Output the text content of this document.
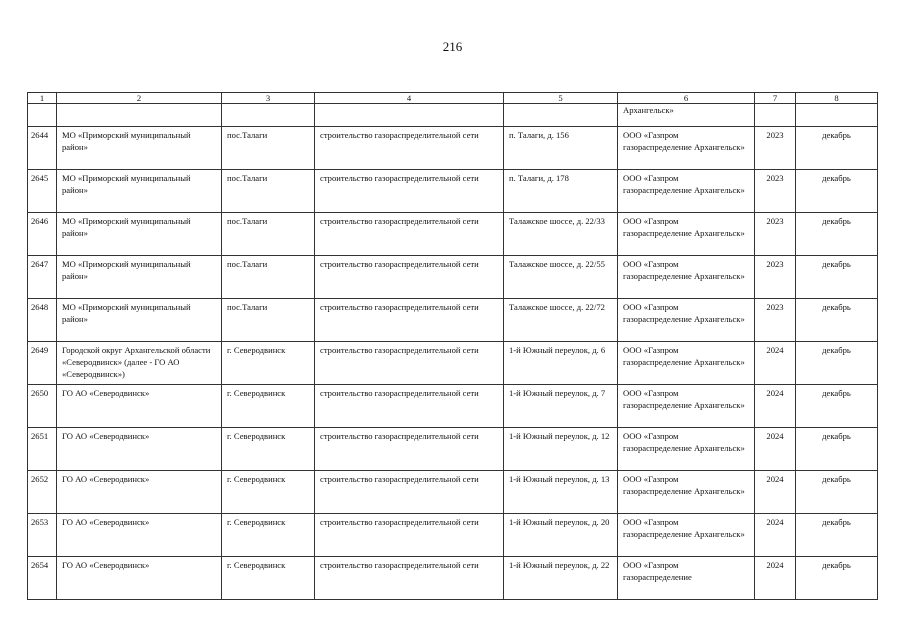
216
1	2	3	4	5	6	7	8
					Архангельск»		
2644	МО «Приморский муниципальный район»	пос.Талаги	строительство газораспределительной сети	п. Талаги, д. 156	ООО «Газпром газораспределение Архангельск»	2023	декабрь
2645	МО «Приморский муниципальный район»	пос.Талаги	строительство газораспределительной сети	п. Талаги, д. 178	ООО «Газпром газораспределение Архангельск»	2023	декабрь
2646	МО «Приморский муниципальный район»	пос.Талаги	строительство газораспределительной сети	Талажское шоссе, д. 22/33	ООО «Газпром газораспределение Архангельск»	2023	декабрь
2647	МО «Приморский муниципальный район»	пос.Талаги	строительство газораспределительной сети	Талажское шоссе, д. 22/55	ООО «Газпром газораспределение Архангельск»	2023	декабрь
2648	МО «Приморский муниципальный район»	пос.Талаги	строительство газораспределительной сети	Талажское шоссе, д. 22/72	ООО «Газпром газораспределение Архангельск»	2023	декабрь
2649	Городской округ Архангельской области «Северодвинск» (далее - ГО АО «Северодвинск»)	г. Северодвинск	строительство газораспределительной сети	1-й Южный переулок, д. 6	ООО «Газпром газораспределение Архангельск»	2024	декабрь
2650	ГО АО «Северодвинск»	г. Северодвинск	строительство газораспределительной сети	1-й Южный переулок, д. 7	ООО «Газпром газораспределение Архангельск»	2024	декабрь
2651	ГО АО «Северодвинск»	г. Северодвинск	строительство газораспределительной сети	1-й Южный переулок, д. 12	ООО «Газпром газораспределение Архангельск»	2024	декабрь
2652	ГО АО «Северодвинск»	г. Северодвинск	строительство газораспределительной сети	1-й Южный переулок, д. 13	ООО «Газпром газораспределение Архангельск»	2024	декабрь
2653	ГО АО «Северодвинск»	г. Северодвинск	строительство газораспределительной сети	1-й Южный переулок, д. 20	ООО «Газпром газораспределение Архангельск»	2024	декабрь
2654	ГО АО «Северодвинск»	г. Северодвинск	строительство газораспределительной сети	1-й Южный переулок, д. 22	ООО «Газпром газораспределение	2024	декабрь
